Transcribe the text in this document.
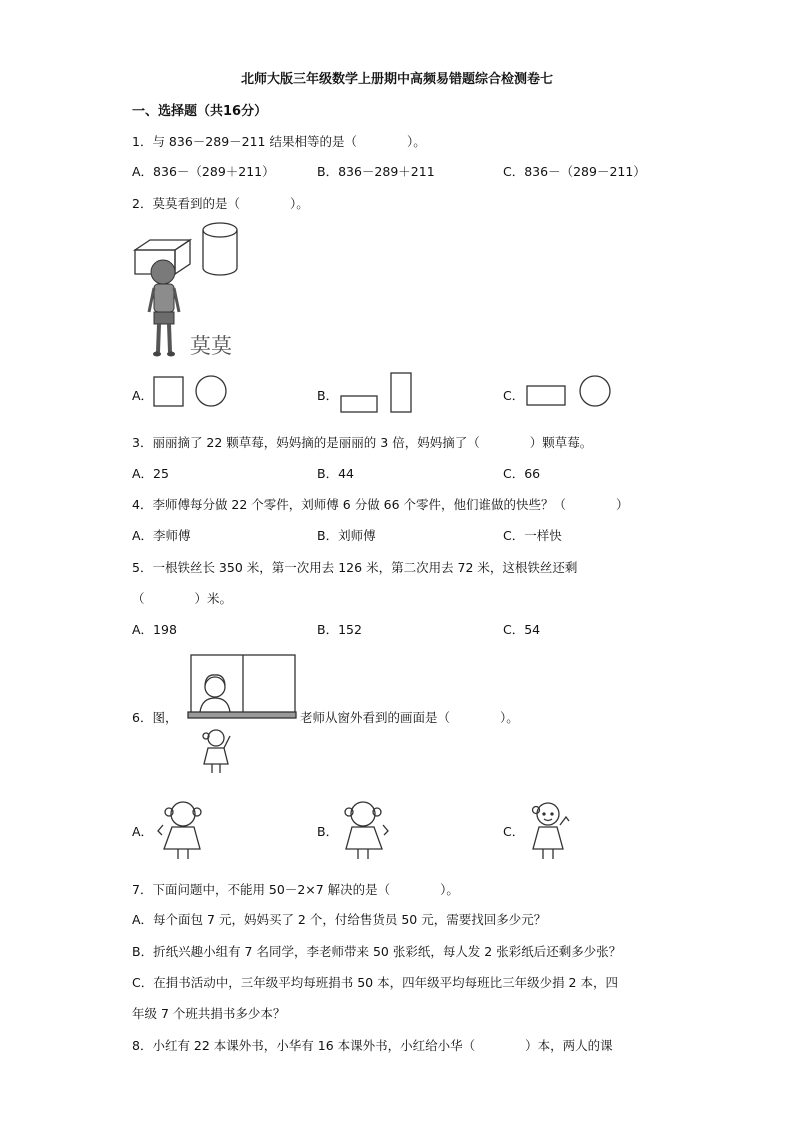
北师大版三年级数学上册期中高频易错题综合检测卷七
一、选择题（共16分）
1．与 836－289－211 结果相等的是（　　　　）。
A．836－（289＋211）	B．836－289＋211	C．836－（289－211）
2．莫莫看到的是（　　　　）。
莫莫
A．	B．	C．
3．丽丽摘了 22 颗草莓，妈妈摘的是丽丽的 3 倍，妈妈摘了（　　　　）颗草莓。
A．25	B．44	C．66
4．李师傅每分做 22 个零件，刘师傅 6 分做 66 个零件，他们谁做的快些？（　　　　）
A．李师傅	B．刘师傅	C．一样快
5．一根铁丝长 350 米，第一次用去 126 米，第二次用去 72 米，这根铁丝还剩
（　　　　）米。
A．198	B．152	C．54
6．图，	老师从窗外看到的画面是（　　　　）。
A．	B．	C．
7．下面问题中，不能用 50－2×7 解决的是（　　　　）。
A．每个面包 7 元，妈妈买了 2 个，付给售货员 50 元，需要找回多少元？
B．折纸兴趣小组有 7 名同学，李老师带来 50 张彩纸，每人发 2 张彩纸后还剩多少张？
C．在捐书活动中，三年级平均每班捐书 50 本，四年级平均每班比三年级少捐 2 本，四
年级 7 个班共捐书多少本？
8．小红有 22 本课外书，小华有 16 本课外书，小红给小华（　　　　）本，两人的课
